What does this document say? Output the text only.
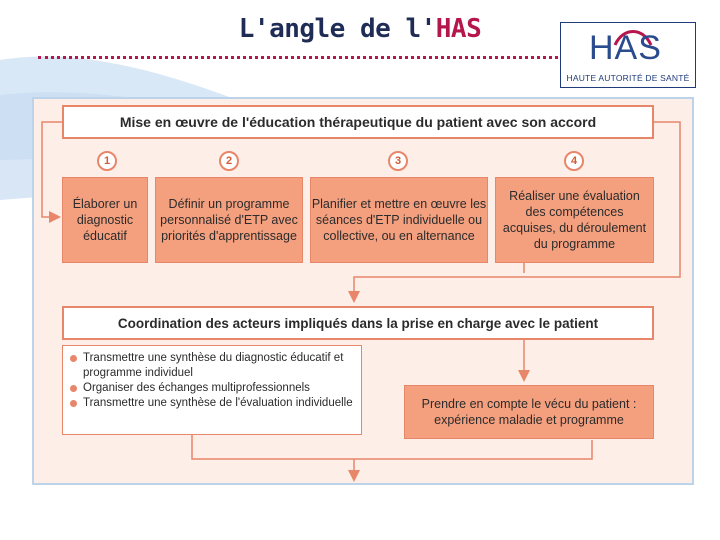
L'angle de l'HAS	HAS
HAUTE AUTORITÉ DE SANTÉ
Mise en œuvre de l'éducation thérapeutique du patient avec son accord
1	2	3	4
Élaborer un diagnostic éducatif
Définir un programme personnalisé d'ETP avec priorités d'apprentissage
Planifier et mettre en œuvre les séances d'ETP individuelle ou collective, ou en alternance
Réaliser une évaluation des compétences acquises, du déroulement du programme
Coordination des acteurs impliqués dans la prise en charge avec le patient
Transmettre une synthèse du diagnostic éducatif et programme individuel
Organiser des échanges multiprofessionnels
Transmettre une synthèse de l'évaluation individuelle	Prendre en compte le vécu du patient : expérience maladie et programme
